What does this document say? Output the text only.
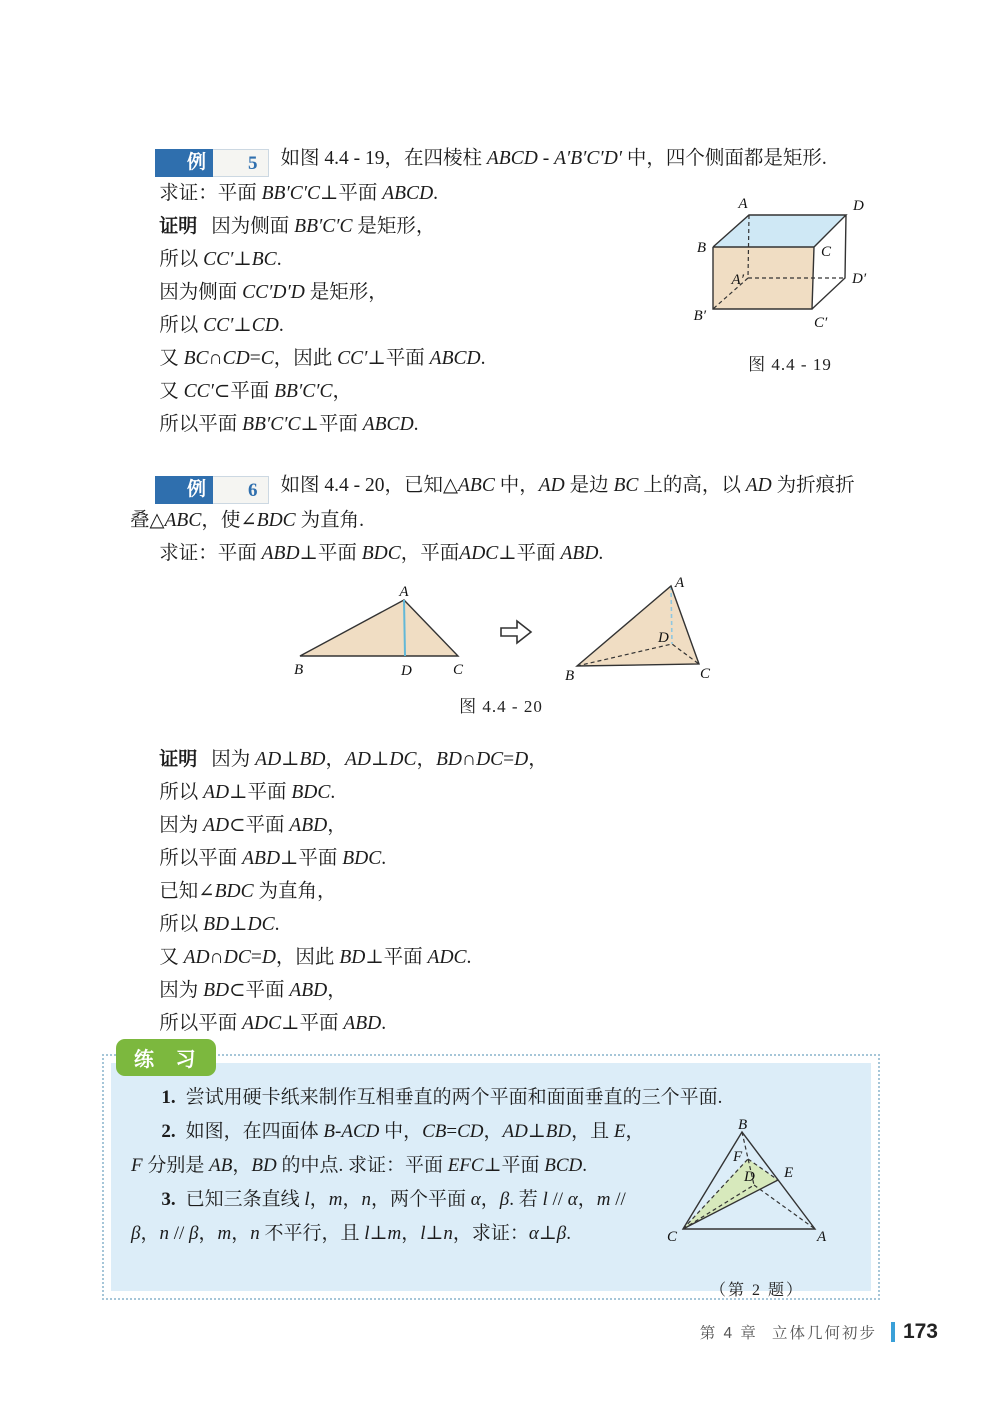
例	5	如图 4.4 - 19，在四棱柱 ABCD - A′B′C′D′ 中，四个侧面都是矩形.

求证：平面 BB′C′C⊥平面 ABCD.

证明 因为侧面 BB′C′C 是矩形，

所以 CC′⊥BC.

因为侧面 CC′D′D 是矩形，

所以 CC′⊥CD.

又 BC∩CD=C，因此 CC′⊥平面 ABCD.

又 CC′⊂平面 BB′C′C，

所以平面 BB′C′C⊥平面 ABCD.

A	D
B	C
A′	D′
B′	C′
图 4.4 - 19

例	6	如图 4.4 - 20，已知△ABC 中，AD 是边 BC 上的高，以 AD 为折痕折叠△ABC，使∠BDC 为直角.

求证：平面 ABD⊥平面 BDC，平面ADC⊥平面 ABD.

A
B	D	C
A
B
D
C
图 4.4 - 20

证明 因为 AD⊥BD，AD⊥DC，BD∩DC=D，

所以 AD⊥平面 BDC.

因为 AD⊂平面 ABD，

所以平面 ABD⊥平面 BDC.

已知∠BDC 为直角，

所以 BD⊥DC.

又 AD∩DC=D，因此 BD⊥平面 ADC.

因为 BD⊂平面 ABD，

所以平面 ADC⊥平面 ABD.

练 习

1. 尝试用硬卡纸来制作互相垂直的两个平面和面面垂直的三个平面.

B
C	A
D E
F
（第 2 题）

2. 如图，在四面体 B-ACD 中，CB=CD，AD⊥BD，且 E，F 分别是 AB，BD 的中点. 求证：平面 EFC⊥平面 BCD.

3. 已知三条直线 l，m，n，两个平面 α，β. 若 l // α，m // β，n // β，m，n 不平行，且 l⊥m，l⊥n，求证：α⊥β.

第 4 章 立体几何初步 173
